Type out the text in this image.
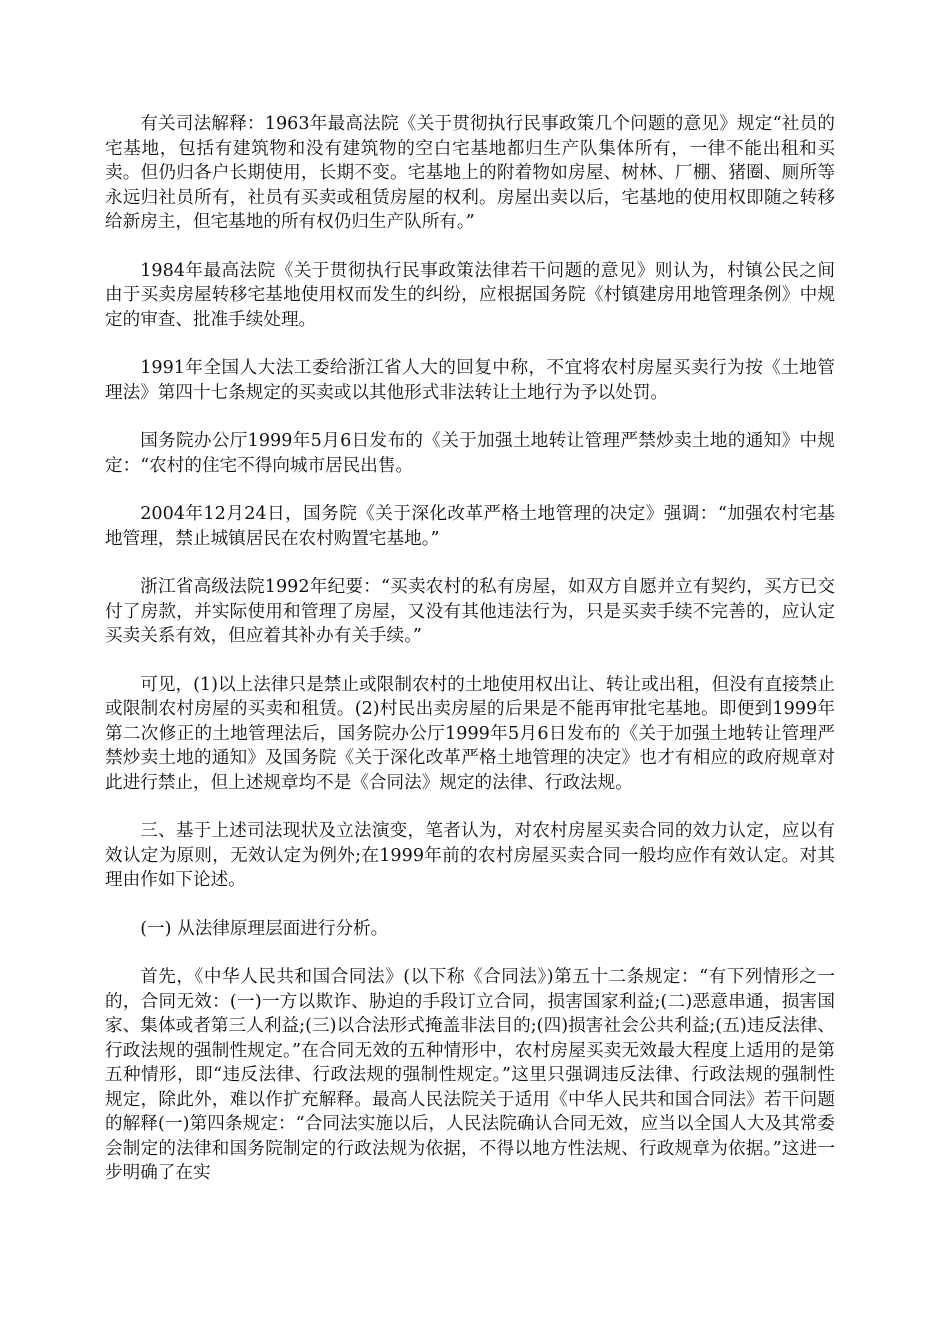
有关司法解释：1963年最高法院《关于贯彻执行民事政策几个问题的意见》规定“社员的宅基地，包括有建筑物和没有建筑物的空白宅基地都归生产队集体所有，一律不能出租和买卖。但仍归各户长期使用，长期不变。宅基地上的附着物如房屋、树林、厂棚、猪圈、厕所等永远归社员所有，社员有买卖或租赁房屋的权利。房屋出卖以后，宅基地的使用权即随之转移给新房主，但宅基地的所有权仍归生产队所有。”

1984年最高法院《关于贯彻执行民事政策法律若干问题的意见》则认为，村镇公民之间由于买卖房屋转移宅基地使用权而发生的纠纷，应根据国务院《村镇建房用地管理条例》中规定的审查、批准手续处理。

1991年全国人大法工委给浙江省人大的回复中称，不宜将农村房屋买卖行为按《土地管理法》第四十七条规定的买卖或以其他形式非法转让土地行为予以处罚。

国务院办公厅1999年5月6日发布的《关于加强土地转让管理严禁炒卖土地的通知》中规定：“农村的住宅不得向城市居民出售。

2004年12月24日，国务院《关于深化改革严格土地管理的决定》强调：“加强农村宅基地管理，禁止城镇居民在农村购置宅基地。”

浙江省高级法院1992年纪要：“买卖农村的私有房屋，如双方自愿并立有契约，买方已交付了房款，并实际使用和管理了房屋，又没有其他违法行为，只是买卖手续不完善的，应认定买卖关系有效，但应着其补办有关手续。”

可见，(1)以上法律只是禁止或限制农村的土地使用权出让、转让或出租，但没有直接禁止或限制农村房屋的买卖和租赁。(2)村民出卖房屋的后果是不能再审批宅基地。即便到1999年第二次修正的土地管理法后，国务院办公厅1999年5月6日发布的《关于加强土地转让管理严禁炒卖土地的通知》及国务院《关于深化改革严格土地管理的决定》也才有相应的政府规章对此进行禁止，但上述规章均不是《合同法》规定的法律、行政法规。

三、基于上述司法现状及立法演变，笔者认为，对农村房屋买卖合同的效力认定，应以有效认定为原则，无效认定为例外;在1999年前的农村房屋买卖合同一般均应作有效认定。对其理由作如下论述。

(一) 从法律原理层面进行分析。

首先，《中华人民共和国合同法》(以下称《合同法》)第五十二条规定：“有下列情形之一的，合同无效：(一)一方以欺诈、胁迫的手段订立合同，损害国家利益;(二)恶意串通，损害国家、集体或者第三人利益;(三)以合法形式掩盖非法目的;(四)损害社会公共利益;(五)违反法律、行政法规的强制性规定。”在合同无效的五种情形中，农村房屋买卖无效最大程度上适用的是第五种情形，即“违反法律、行政法规的强制性规定。”这里只强调违反法律、行政法规的强制性规定，除此外，难以作扩充解释。最高人民法院关于适用《中华人民共和国合同法》若干问题的解释(一)第四条规定：“合同法实施以后，人民法院确认合同无效，应当以全国人大及其常委会制定的法律和国务院制定的行政法规为依据，不得以地方性法规、行政规章为依据。”这进一步明确了在实
